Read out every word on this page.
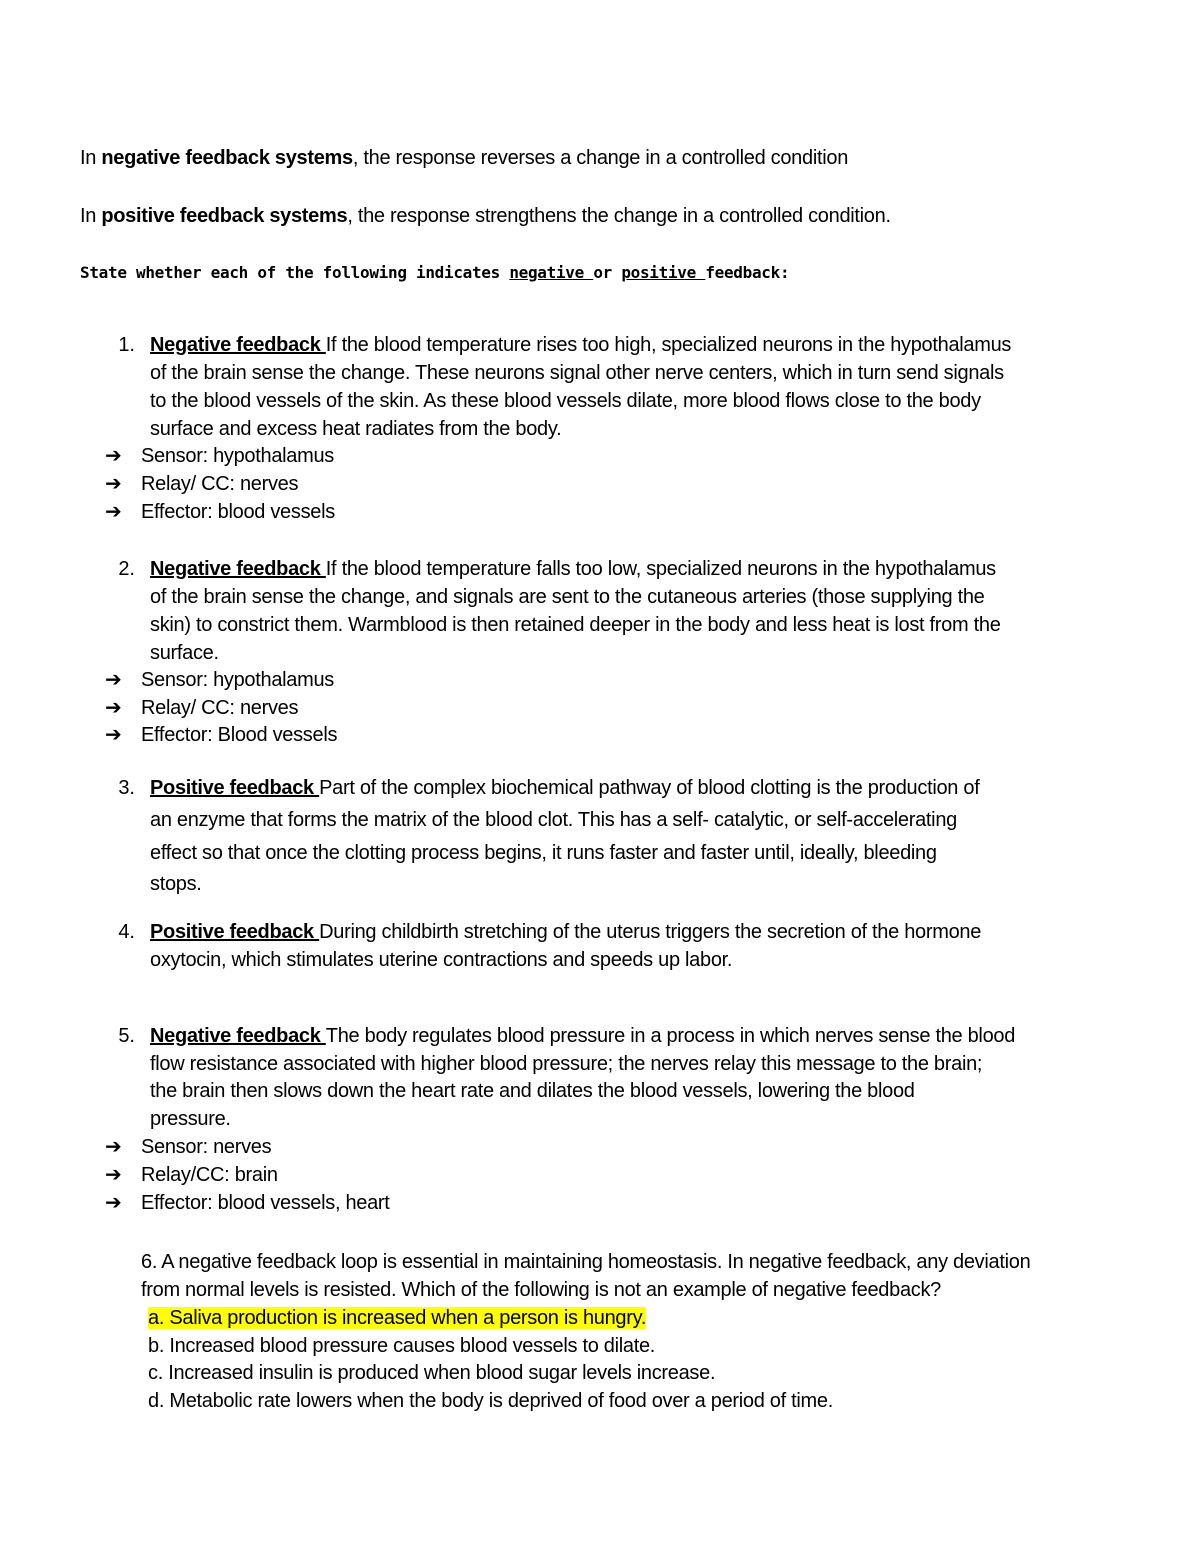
In negative feedback systems, the response reverses a change in a controlled condition
In positive feedback systems, the response strengthens the change in a controlled condition.
State whether each of the following indicates negative or positive feedback:
1. Negative feedback If the blood temperature rises too high, specialized neurons in the hypothalamus
of the brain sense the change. These neurons signal other nerve centers, which in turn send signals
to the blood vessels of the skin. As these blood vessels dilate, more blood flows close to the body
surface and excess heat radiates from the body.
➔ Sensor: hypothalamus
➔ Relay/ CC: nerves
➔ Effector: blood vessels
2. Negative feedback If the blood temperature falls too low, specialized neurons in the hypothalamus
of the brain sense the change, and signals are sent to the cutaneous arteries (those supplying the
skin) to constrict them. Warmblood is then retained deeper in the body and less heat is lost from the
surface.
➔ Sensor: hypothalamus
➔ Relay/ CC: nerves
➔ Effector: Blood vessels
3. Positive feedback Part of the complex biochemical pathway of blood clotting is the production of
an enzyme that forms the matrix of the blood clot. This has a self- catalytic, or self-accelerating
effect so that once the clotting process begins, it runs faster and faster until, ideally, bleeding
stops.
4. Positive feedback During childbirth stretching of the uterus triggers the secretion of the hormone
oxytocin, which stimulates uterine contractions and speeds up labor.
5. Negative feedback The body regulates blood pressure in a process in which nerves sense the blood
flow resistance associated with higher blood pressure; the nerves relay this message to the brain;
the brain then slows down the heart rate and dilates the blood vessels, lowering the blood
pressure.
➔ Sensor: nerves
➔ Relay/CC: brain
➔ Effector: blood vessels, heart
6. A negative feedback loop is essential in maintaining homeostasis. In negative feedback, any deviation
from normal levels is resisted. Which of the following is not an example of negative feedback?
a. Saliva production is increased when a person is hungry.
b. Increased blood pressure causes blood vessels to dilate.
c. Increased insulin is produced when blood sugar levels increase.
d. Metabolic rate lowers when the body is deprived of food over a period of time.
